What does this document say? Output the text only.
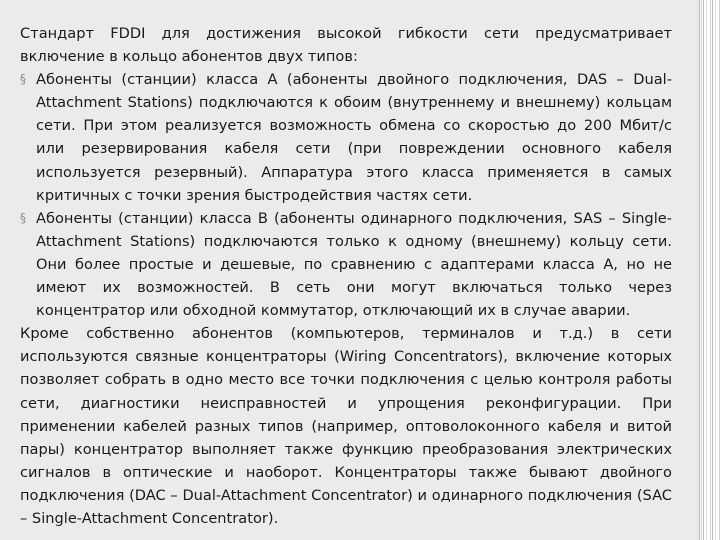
Стандарт FDDI для достижения высокой гибкости сети предусматривает включение в кольцо абонентов двух типов:

§ Абоненты (станции) класса A (абоненты двойного подключения, DAS – Dual-Attachment Stations) подключаются к обоим (внутреннему и внешнему) кольцам сети. При этом реализуется возможность обмена со скоростью до 200 Мбит/с или резервирования кабеля сети (при повреждении основного кабеля используется резервный). Аппаратура этого класса применяется в самых критичных с точки зрения быстродействия частях сети.

§ Абоненты (станции) класса B (абоненты одинарного подключения, SAS – Single-Attachment Stations) подключаются только к одному (внешнему) кольцу сети. Они более простые и дешевые, по сравнению с адаптерами класса A, но не имеют их возможностей. В сеть они могут включаться только через концентратор или обходной коммутатор, отключающий их в случае аварии.

Кроме собственно абонентов (компьютеров, терминалов и т.д.) в сети используются связные концентраторы (Wiring Concentrators), включение которых позволяет собрать в одно место все точки подключения с целью контроля работы сети, диагностики неисправностей и упрощения реконфигурации. При применении кабелей разных типов (например, оптоволоконного кабеля и витой пары) концентратор выполняет также функцию преобразования электрических сигналов в оптические и наоборот. Концентраторы также бывают двойного подключения (DAC – Dual-Attachment Concentrator) и одинарного подключения (SAC – Single-Attachment Concentrator).
